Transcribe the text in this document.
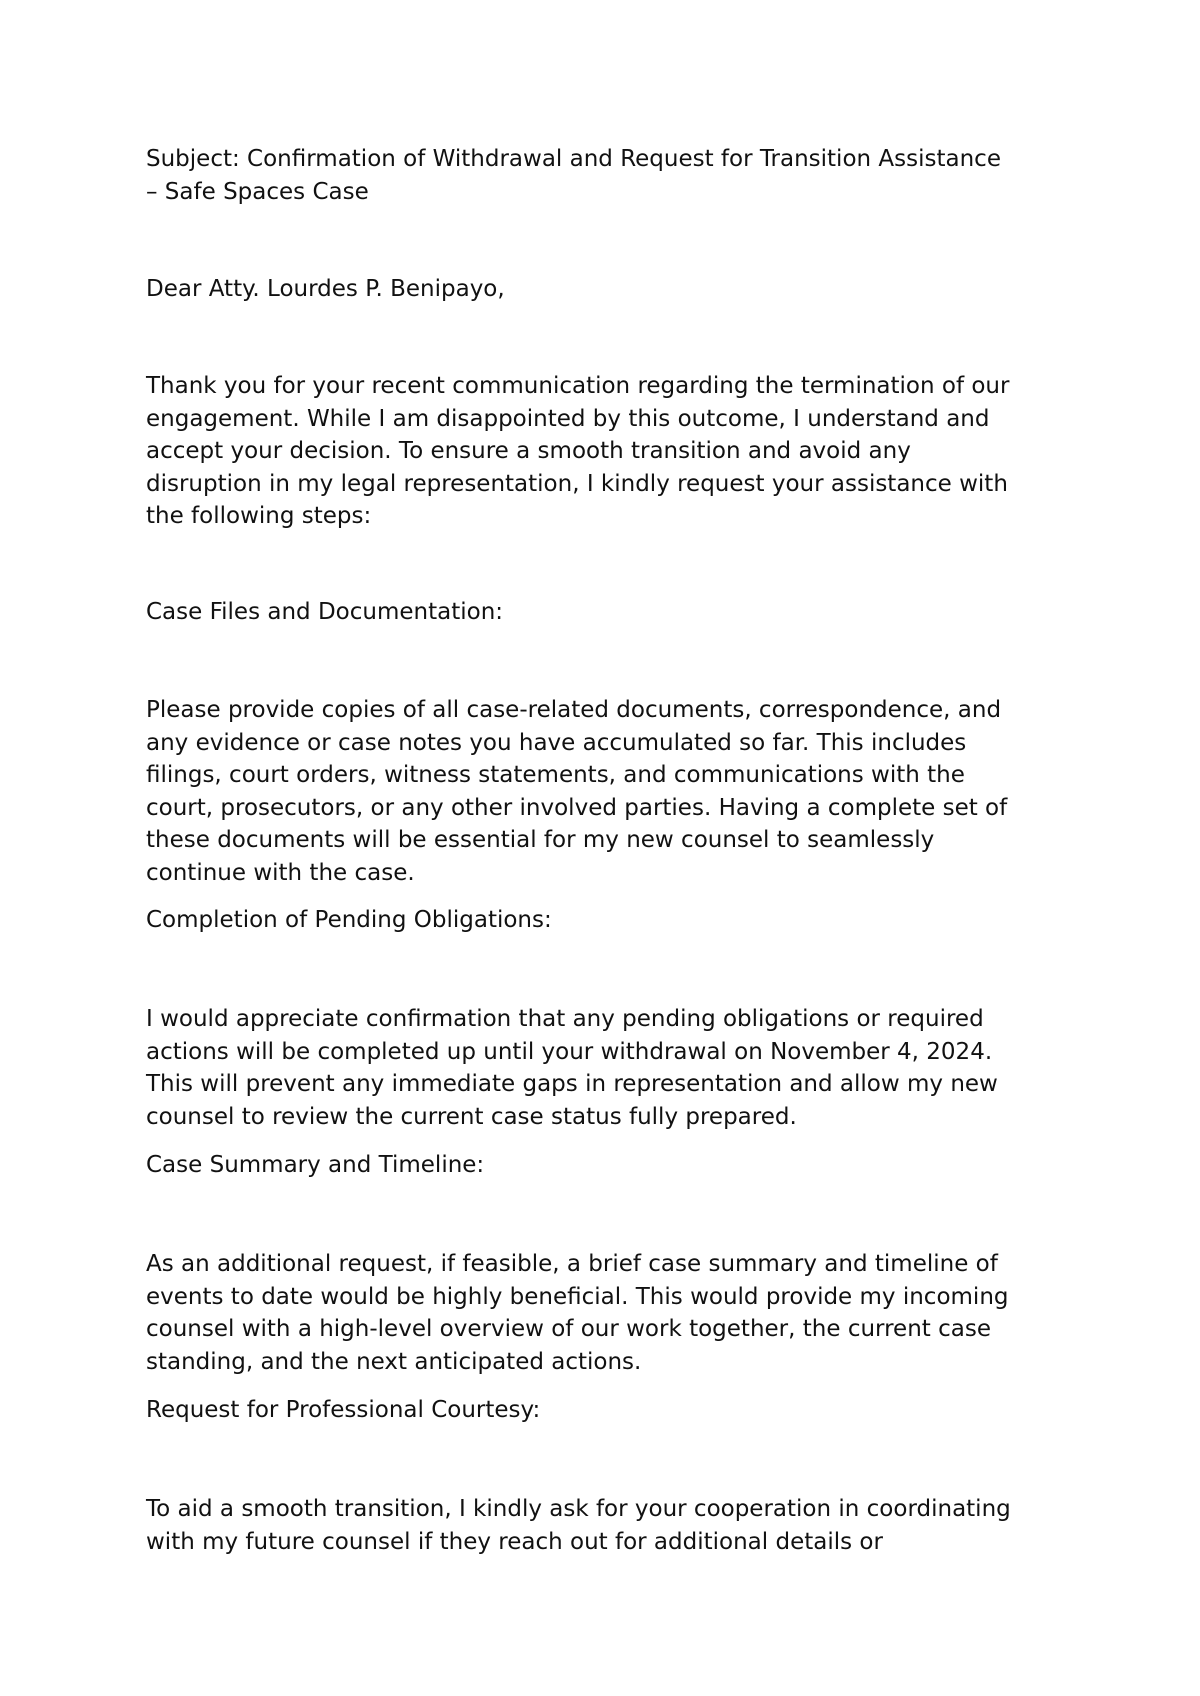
Subject: Confirmation of Withdrawal and Request for Transition Assistance
– Safe Spaces Case

Dear Atty. Lourdes P. Benipayo,

Thank you for your recent communication regarding the termination of our
engagement. While I am disappointed by this outcome, I understand and
accept your decision. To ensure a smooth transition and avoid any
disruption in my legal representation, I kindly request your assistance with
the following steps:

Case Files and Documentation:

Please provide copies of all case-related documents, correspondence, and
any evidence or case notes you have accumulated so far. This includes
filings, court orders, witness statements, and communications with the
court, prosecutors, or any other involved parties. Having a complete set of
these documents will be essential for my new counsel to seamlessly
continue with the case.

Completion of Pending Obligations:

I would appreciate confirmation that any pending obligations or required
actions will be completed up until your withdrawal on November 4, 2024.
This will prevent any immediate gaps in representation and allow my new
counsel to review the current case status fully prepared.

Case Summary and Timeline:

As an additional request, if feasible, a brief case summary and timeline of
events to date would be highly beneficial. This would provide my incoming
counsel with a high-level overview of our work together, the current case
standing, and the next anticipated actions.

Request for Professional Courtesy:

To aid a smooth transition, I kindly ask for your cooperation in coordinating
with my future counsel if they reach out for additional details or
